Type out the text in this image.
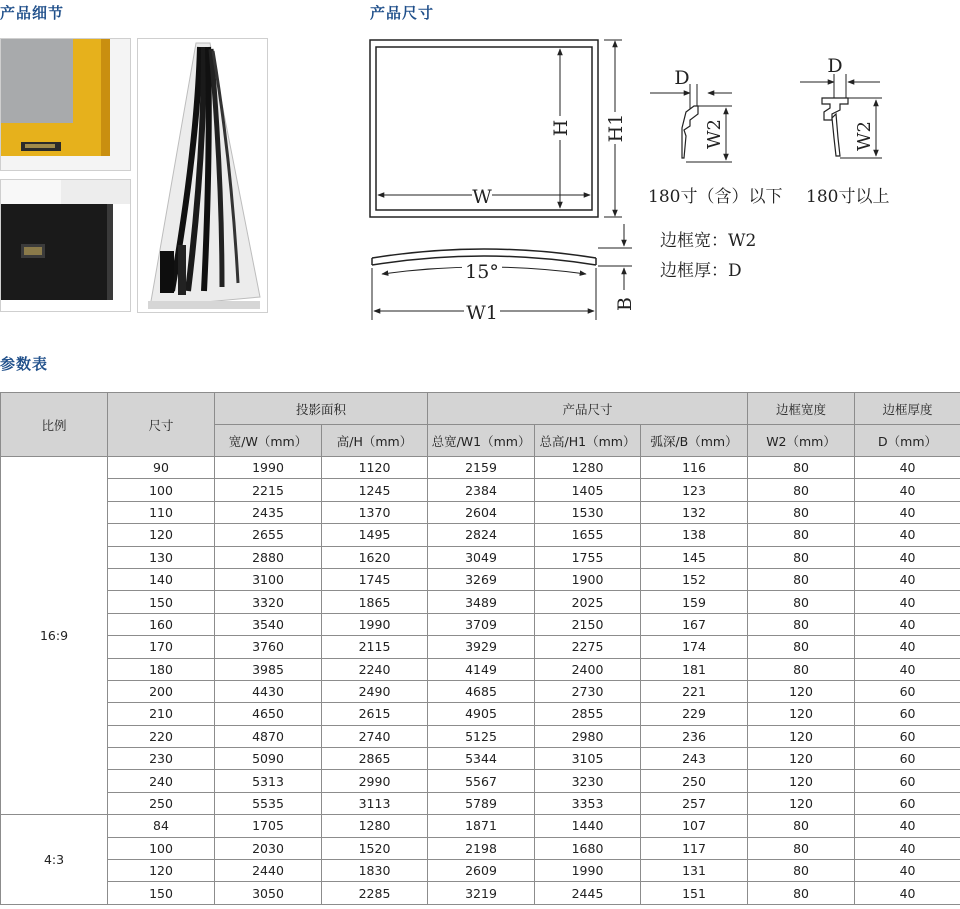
产品细节	产品尺寸
参数表
W
H H1
15°
W1	B
D
W2
D
W2
180寸（含）以下 180寸以上
边框宽：W2
边框厚：D
比例	尺寸	投影面积		产品尺寸			边框宽度	边框厚度
		宽/W（mm）	高/H（mm）	总宽/W1（mm）	总高/H1（mm）	弧深/B（mm）	W2（mm）	D（mm）
16:9	90	1990	1120	2159	1280	116	80	40
	100	2215	1245	2384	1405	123	80	40
	110	2435	1370	2604	1530	132	80	40
	120	2655	1495	2824	1655	138	80	40
	130	2880	1620	3049	1755	145	80	40
	140	3100	1745	3269	1900	152	80	40
	150	3320	1865	3489	2025	159	80	40
	160	3540	1990	3709	2150	167	80	40
	170	3760	2115	3929	2275	174	80	40
	180	3985	2240	4149	2400	181	80	40
	200	4430	2490	4685	2730	221	120	60
	210	4650	2615	4905	2855	229	120	60
	220	4870	2740	5125	2980	236	120	60
	230	5090	2865	5344	3105	243	120	60
	240	5313	2990	5567	3230	250	120	60
	250	5535	3113	5789	3353	257	120	60
4:3	84	1705	1280	1871	1440	107	80	40
	100	2030	1520	2198	1680	117	80	40
	120	2440	1830	2609	1990	131	80	40
	150	3050	2285	3219	2445	151	80	40
